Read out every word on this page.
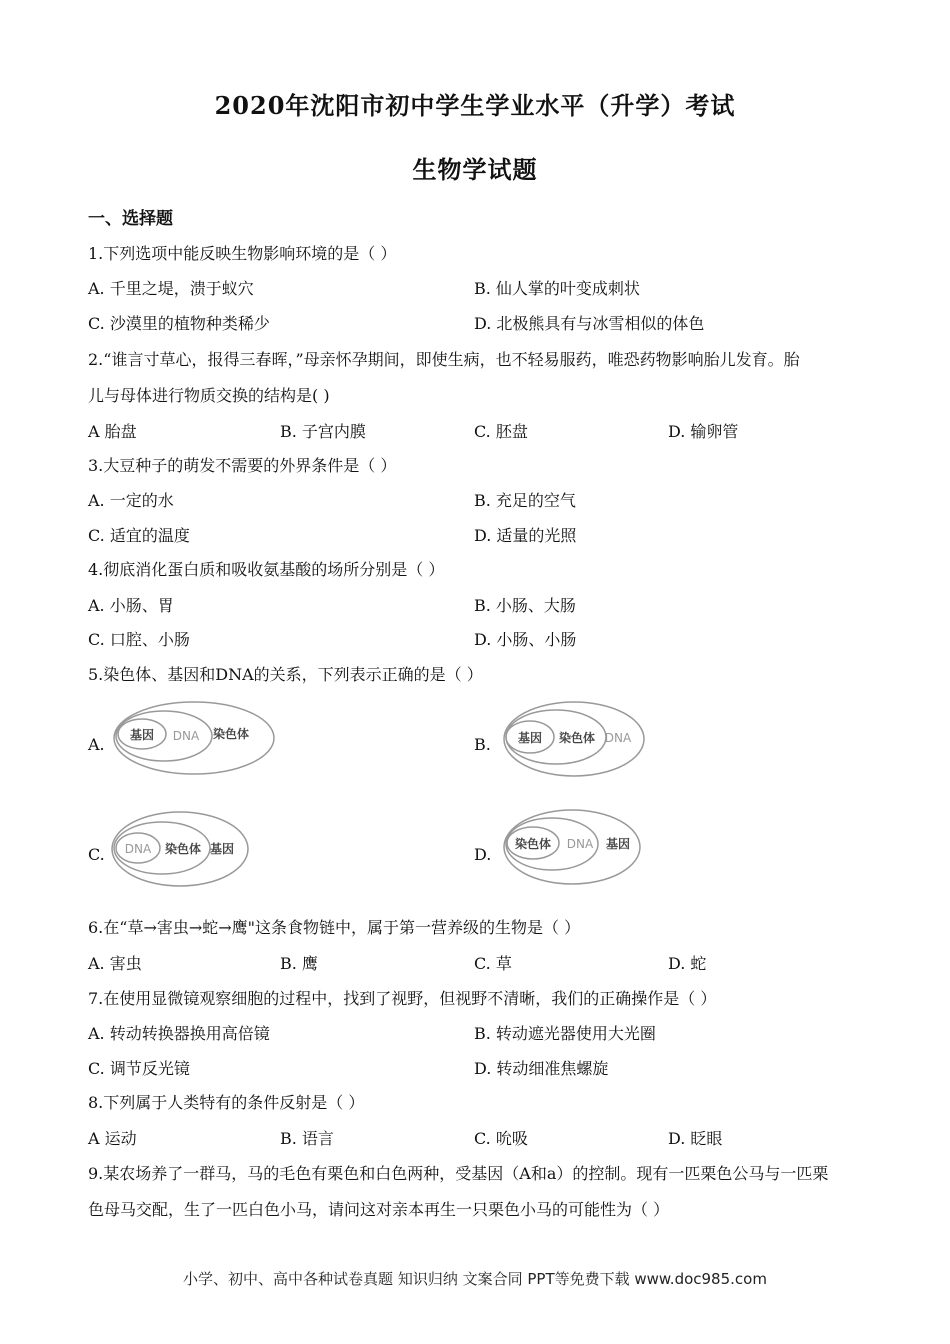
2020年沈阳市初中学生学业水平（升学）考试
生物学试题
一、选择题
1.下列选项中能反映生物影响环境的是（ ）
A. 千里之堤，溃于蚁穴	B. 仙人掌的叶变成刺状
C. 沙漠里的植物种类稀少	D. 北极熊具有与冰雪相似的体色
2.“谁言寸草心，报得三春晖，”母亲怀孕期间，即使生病，也不轻易服药，唯恐药物影响胎儿发育。胎
儿与母体进行物质交换的结构是( )
A 胎盘	B. 子宫内膜	C. 胚盘	D. 输卵管
3.大豆种子的萌发不需要的外界条件是（ ）
A. 一定的水	B. 充足的空气
C. 适宜的温度	D. 适量的光照
4.彻底消化蛋白质和吸收氨基酸的场所分别是（ ）
A. 小肠、胃	B. 小肠、大肠
C. 口腔、小肠	D. 小肠、小肠
5.染色体、基因和DNA的关系，下列表示正确的是（ ）
A.	B.
C.	D.
基因 DNA 染色体	基因 染色体 DNA
DNA 染色体 基因	染色体 DNA 基因
6.在“草→害虫→蛇→鹰"这条食物链中，属于第一营养级的生物是（ ）
A. 害虫	B. 鹰	C. 草	D. 蛇
7.在使用显微镜观察细胞的过程中，找到了视野，但视野不清晰，我们的正确操作是（ ）
A. 转动转换器换用高倍镜	B. 转动遮光器使用大光圈
C. 调节反光镜	D. 转动细准焦螺旋
8.下列属于人类特有的条件反射是（ ）
A 运动	B. 语言	C. 吮吸	D. 眨眼
9.某农场养了一群马，马的毛色有栗色和白色两种，受基因（A和a）的控制。现有一匹栗色公马与一匹栗
色母马交配，生了一匹白色小马，请问这对亲本再生一只栗色小马的可能性为（ ）
小学、初中、高中各种试卷真题 知识归纳 文案合同 PPT等免费下载 www.doc985.com
